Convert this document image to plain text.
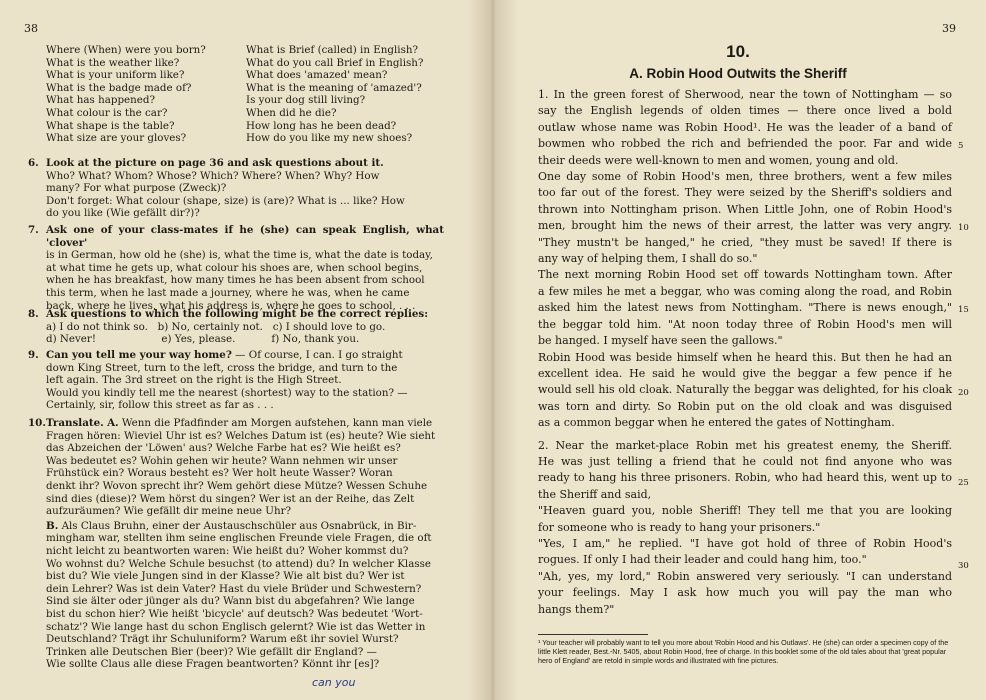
38
Where (When) were you born?	What is Brief (called) in English?
What is the weather like?	What do you call Brief in English?
What is your uniform like?	What does 'amazed' mean?
What is the badge made of?	What is the meaning of 'amazed'?
What has happened?	Is your dog still living?
What colour is the car?	When did he die?
What shape is the table?	How long has he been dead?
What size are your gloves?	How do you like my new shoes?
6. Look at the picture on page 36 and ask questions about it.

Who? What? Whom? Whose? Which? Where? When? Why? How
many? For what purpose (Zweck)?
Don't forget: What colour (shape, size) is (are)? What is ... like? How
do you like (Wie gefällt dir?)?
7. Ask one of your class-mates if he (she) can speak English, what 'clover'

is in German, how old he (she) is, what the time is, what the date is today,
at what time he gets up, what colour his shoes are, when school begins,
when he has breakfast, how many times he has been absent from school
this term, when he last made a journey, where he was, when he came
back, where he lives, what his address is, where he goes to school, . . .
8. Ask questions to which the following might be the correct replies:

a) I do not think so.   b) No, certainly not.   c) I should love to go.
d) Never!                    e) Yes, please.           f) No, thank you.
9. Can you tell me your way home? — Of course, I can. I go straight

down King Street, turn to the left, cross the bridge, and turn to the
left again. The 3rd street on the right is the High Street.
Would you kindly tell me the nearest (shortest) way to the station? —
Certainly, sir, follow this street as far as . . .
10. Translate. A. Wenn die Pfadfinder am Morgen aufstehen, kann man viele

Fragen hören: Wieviel Uhr ist es? Welches Datum ist (es) heute? Wie sieht
das Abzeichen der 'Löwen' aus? Welche Farbe hat es? Wie heißt es?
Was bedeutet es? Wohin gehen wir heute? Wann nehmen wir unser
Frühstück ein? Woraus besteht es? Wer holt heute Wasser? Woran
denkt ihr? Wovon sprecht ihr? Wem gehört diese Mütze? Wessen Schuhe
sind dies (diese)? Wem hörst du singen? Wer ist an der Reihe, das Zelt
aufzuräumen? Wie gefällt dir meine neue Uhr?

B. Als Claus Bruhn, einer der Austauschschüler aus Osnabrück, in Bir-

mingham war, stellten ihm seine englischen Freunde viele Fragen, die oft
nicht leicht zu beantworten waren: Wie heißt du? Woher kommst du?
Wo wohnst du? Welche Schule besuchst (to attend) du? In welcher Klasse
bist du? Wie viele Jungen sind in der Klasse? Wie alt bist du? Wer ist
dein Lehrer? Was ist dein Vater? Hast du viele Brüder und Schwestern?
Sind sie älter oder jünger als du? Wann bist du abgefahren? Wie lange
bist du schon hier? Wie heißt 'bicycle' auf deutsch? Was bedeutet 'Wort-
schatz'? Wie lange hast du schon Englisch gelernt? Wie ist das Wetter in
Deutschland? Trägt ihr Schuluniform? Warum eßt ihr soviel Wurst?
Trinken alle Deutschen Bier (beer)? Wie gefällt dir England? —
Wie sollte Claus alle diese Fragen beantworten? Könnt ihr [es]?
can you
39
10.
A. Robin Hood Outwits the Sheriff
1. In the green forest of Sherwood, near the town of Nottingham — so
say the English legends of olden times — there once lived a bold
outlaw whose name was Robin Hood¹. He was the leader of a band of
bowmen who robbed the rich and befriended the poor. Far and wide
their deeds were well-known to men and women, young and old.
One day some of Robin Hood's men, three brothers, went a few miles
too far out of the forest. They were seized by the Sheriff's soldiers and
thrown into Nottingham prison. When Little John, one of Robin Hood's
men, brought him the news of their arrest, the latter was very angry.
"They mustn't be hanged," he cried, "they must be saved! If there is
any way of helping them, I shall do so."
The next morning Robin Hood set off towards Nottingham town. After
a few miles he met a beggar, who was coming along the road, and Robin
asked him the latest news from Nottingham. "There is news enough,"
the beggar told him. "At noon today three of Robin Hood's men will
be hanged. I myself have seen the gallows."
Robin Hood was beside himself when he heard this. But then he had an
excellent idea. He said he would give the beggar a few pence if he
would sell his old cloak. Naturally the beggar was delighted, for his cloak
was torn and dirty. So Robin put on the old cloak and was disguised
as a common beggar when he entered the gates of Nottingham.
2. Near the market-place Robin met his greatest enemy, the Sheriff.
He was just telling a friend that he could not find anyone who was
ready to hang his three prisoners. Robin, who had heard this, went up to
the Sheriff and said,
"Heaven guard you, noble Sheriff! They tell me that you are looking
for someone who is ready to hang your prisoners."
"Yes, I am," he replied. "I have got hold of three of Robin Hood's
rogues. If only I had their leader and could hang him, too."
"Ah, yes, my lord," Robin answered very seriously. "I can understand
your feelings. May I ask how much you will pay the man who
hangs them?"
5
10
15
20
25
30
¹ Your teacher will probably want to tell you more about 'Robin Hood and his Outlaws'. He (she) can order a specimen copy of the little Klett reader, Best.-Nr. 5405, about Robin Hood, free of charge. In this booklet some of the old tales about that 'great popular hero of England' are retold in simple words and illustrated with fine pictures.
